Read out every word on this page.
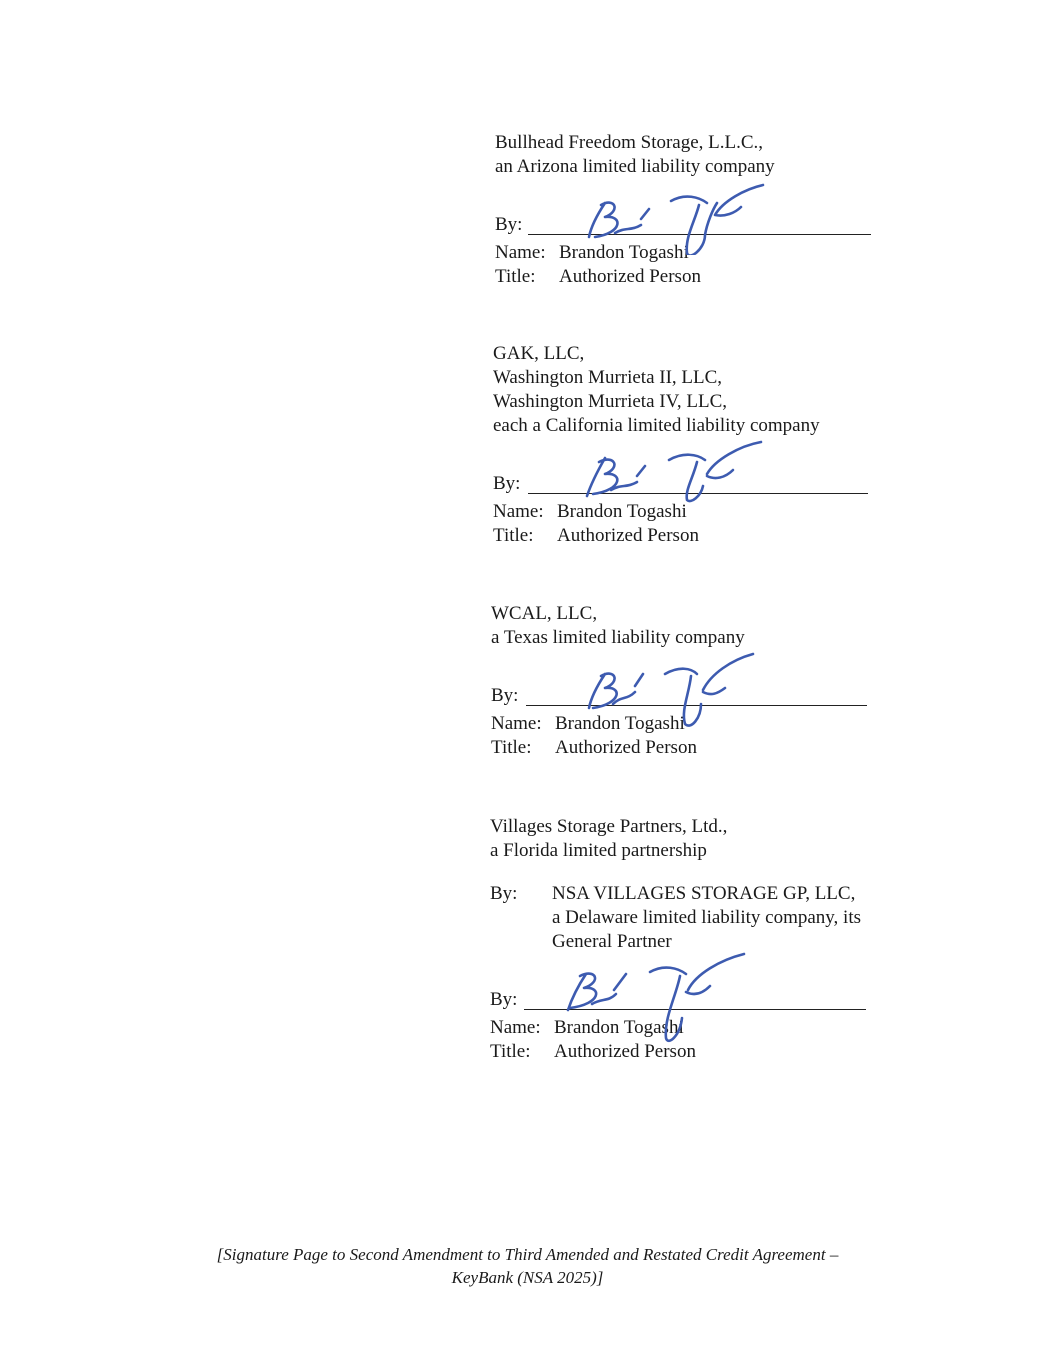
Bullhead Freedom Storage, L.L.C.,
an Arizona limited liability company
By:
Name: Brandon Togashi
Title:	Authorized Person
GAK, LLC,
Washington Murrieta II, LLC,
Washington Murrieta IV, LLC,
each a California limited liability company
By:
Name: Brandon Togashi
Title:	Authorized Person
WCAL, LLC,
a Texas limited liability company
By:
Name: Brandon Togashi
Title:	Authorized Person
Villages Storage Partners, Ltd.,
a Florida limited partnership
By:	NSA VILLAGES STORAGE GP, LLC,
a Delaware limited liability company, its
General Partner
By:
Name: Brandon Togashi
Title:	Authorized Person
[Signature Page to Second Amendment to Third Amended and Restated Credit Agreement –
KeyBank (NSA 2025)]
